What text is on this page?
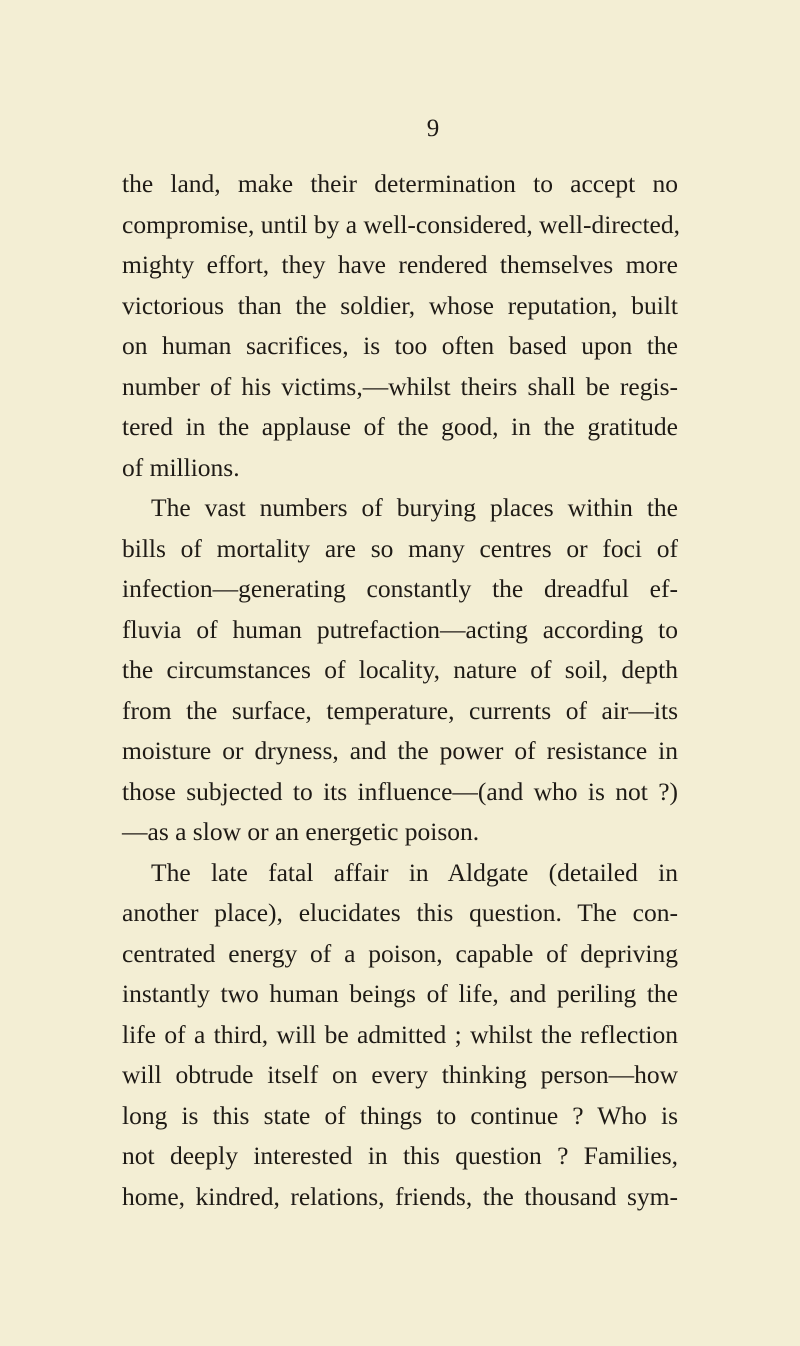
9
the land, make their determination to accept no
compromise, until by a well-considered, well-directed,
mighty effort, they have rendered themselves more
victorious than the soldier, whose reputation, built
on human sacrifices, is too often based upon the
number of his victims,—whilst theirs shall be regis-
tered in the applause of the good, in the gratitude
of millions.
The vast numbers of burying places within the
bills of mortality are so many centres or foci of
infection—generating constantly the dreadful ef-
fluvia of human putrefaction—acting according to
the circumstances of locality, nature of soil, depth
from the surface, temperature, currents of air—its
moisture or dryness, and the power of resistance in
those subjected to its influence—(and who is not ?)
—as a slow or an energetic poison.
The late fatal affair in Aldgate (detailed in
another place), elucidates this question. The con-
centrated energy of a poison, capable of depriving
instantly two human beings of life, and periling the
life of a third, will be admitted ; whilst the reflection
will obtrude itself on every thinking person—how
long is this state of things to continue ? Who is
not deeply interested in this question ? Families,
home, kindred, relations, friends, the thousand sym-
